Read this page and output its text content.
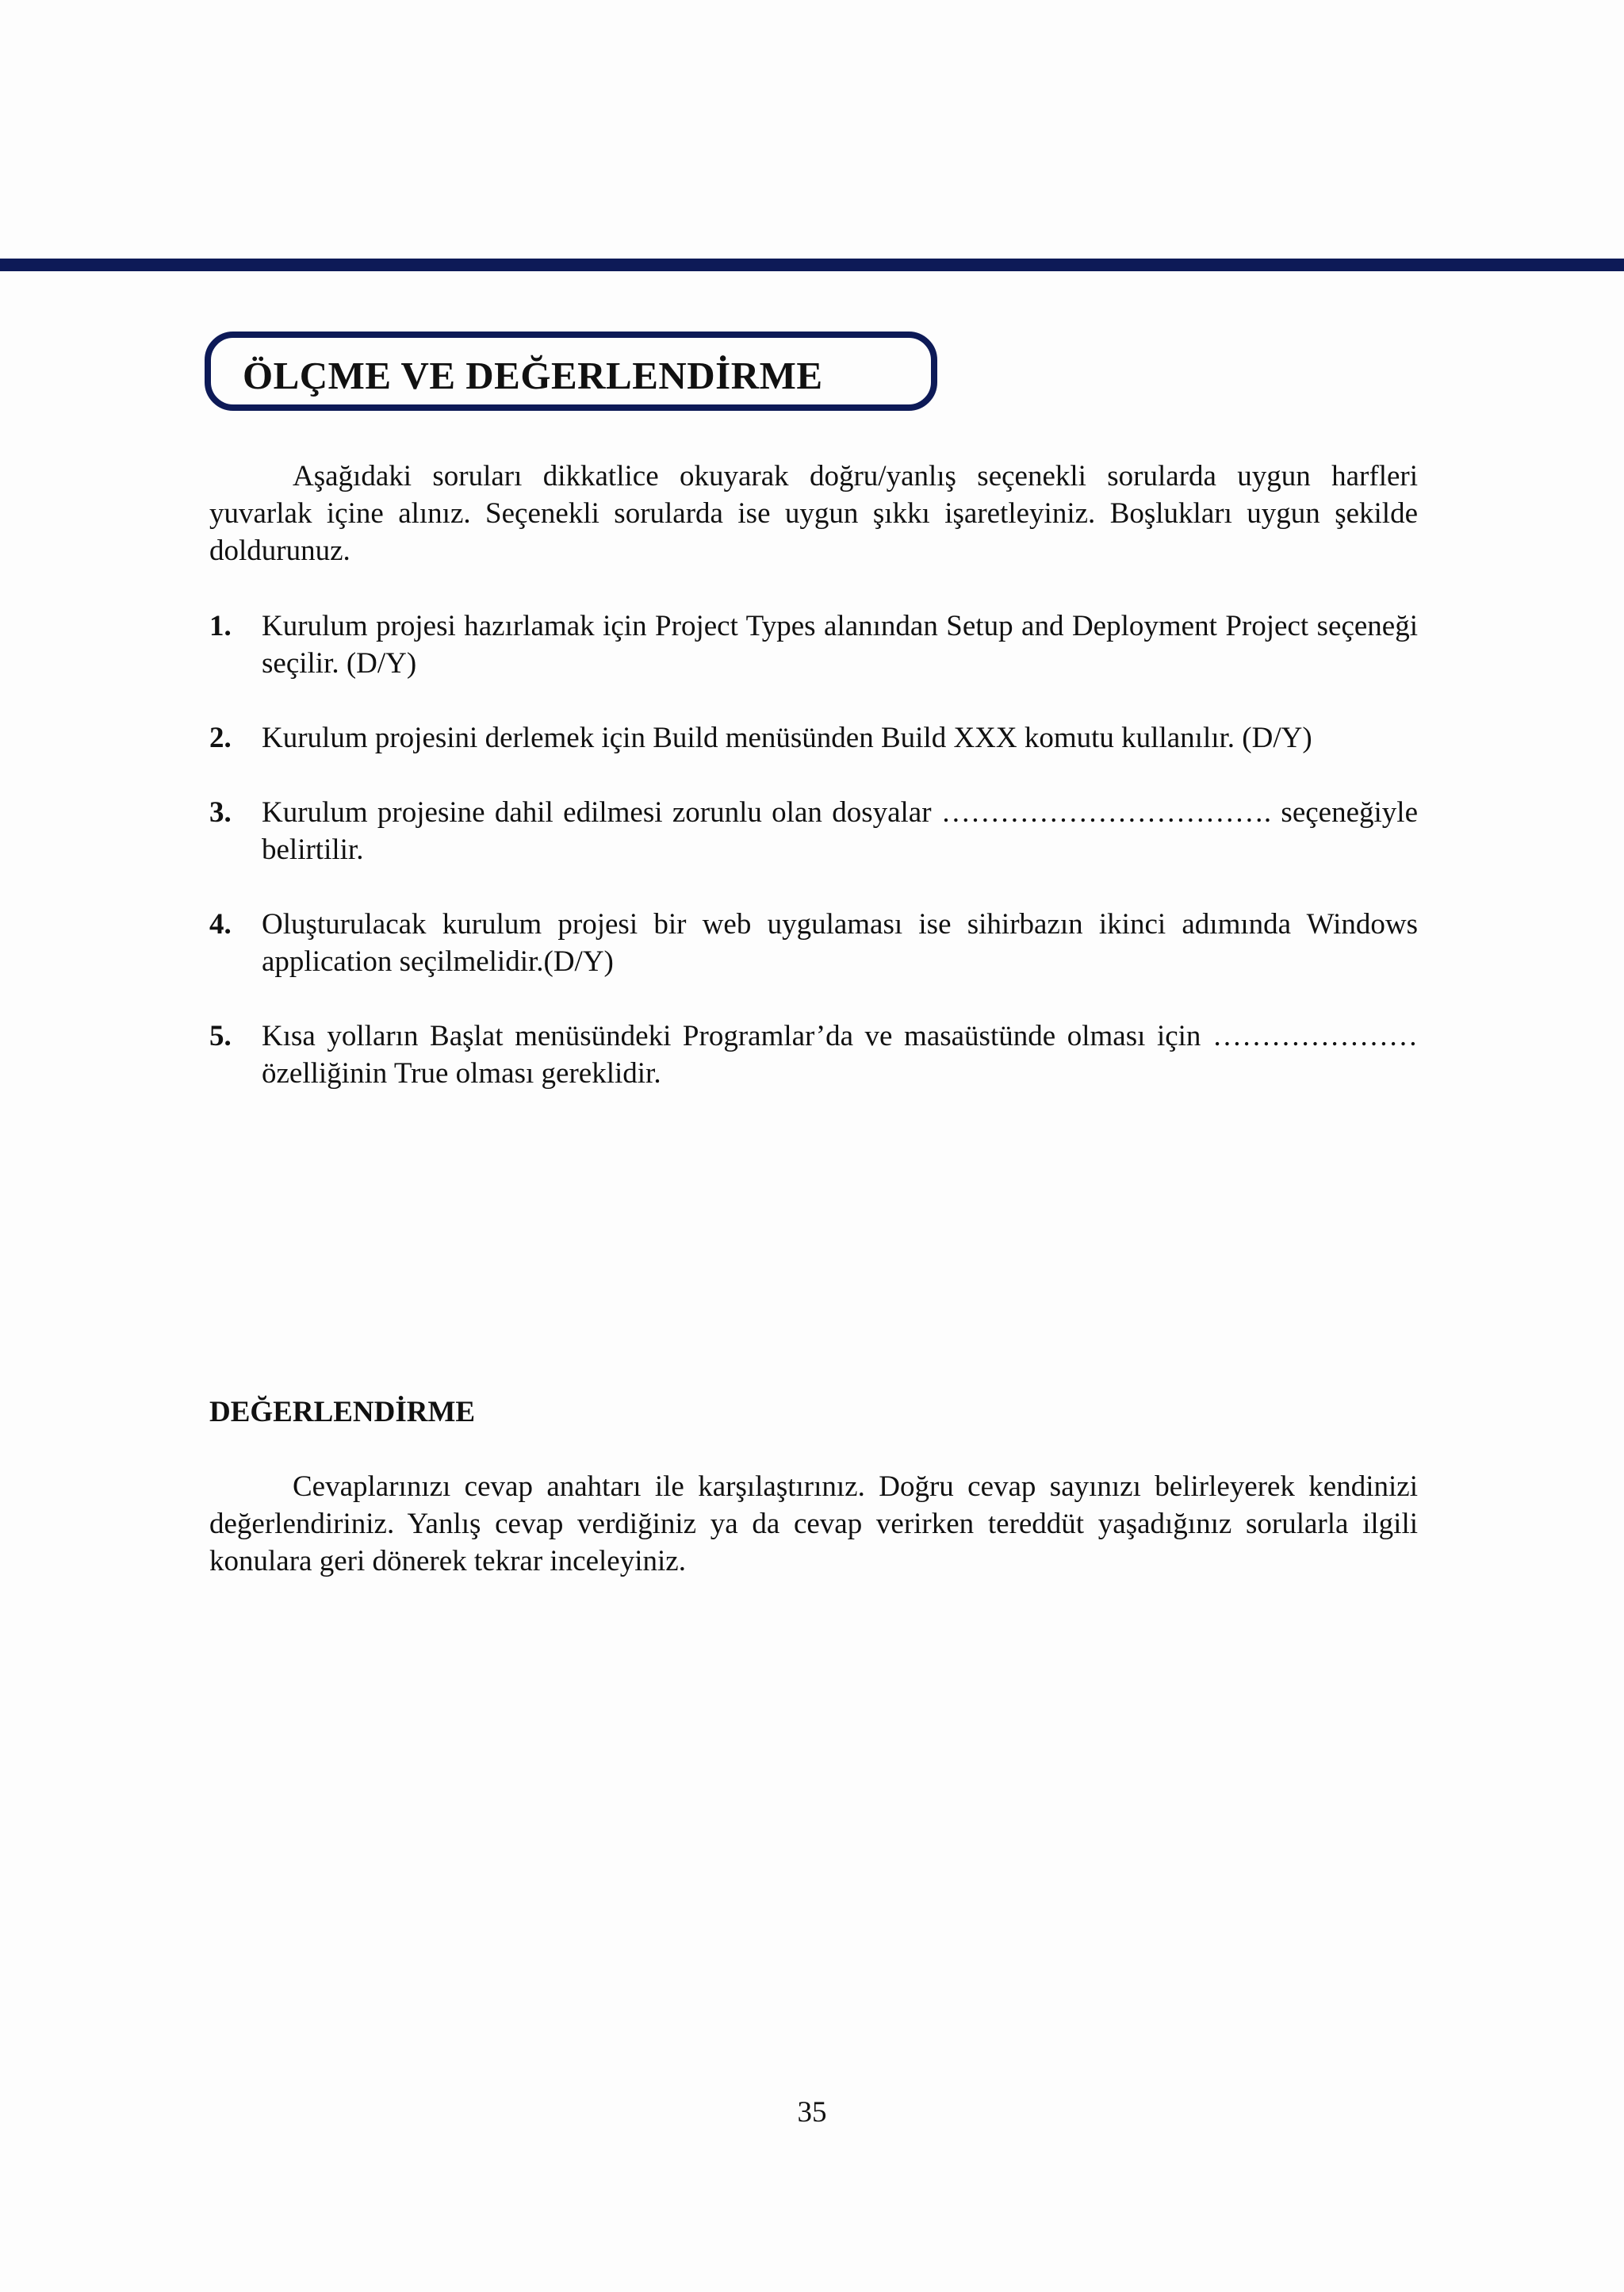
ÖLÇME VE DEĞERLENDİRME

Aşağıdaki soruları dikkatlice okuyarak doğru/yanlış seçenekli sorularda uygun harfleri yuvarlak içine alınız. Seçenekli sorularda ise uygun şıkkı işaretleyiniz. Boşlukları uygun şekilde doldurunuz.

1. Kurulum projesi hazırlamak için Project Types alanından Setup and Deployment Project seçeneği seçilir. (D/Y)
2. Kurulum projesini derlemek için Build menüsünden Build XXX komutu kullanılır. (D/Y)
3. Kurulum projesine dahil edilmesi zorunlu olan dosyalar ……………………………. seçeneğiyle belirtilir.
4. Oluşturulacak kurulum projesi bir web uygulaması ise sihirbazın ikinci adımında Windows application seçilmelidir.(D/Y)
5. Kısa yolların Başlat menüsündeki Programlar’da ve masaüstünde olması için ………………… özelliğinin True olması gereklidir.
DEĞERLENDİRME

Cevaplarınızı cevap anahtarı ile karşılaştırınız. Doğru cevap sayınızı belirleyerek kendinizi değerlendiriniz. Yanlış cevap verdiğiniz ya da cevap verirken tereddüt yaşadığınız sorularla ilgili konulara geri dönerek tekrar inceleyiniz.

35
